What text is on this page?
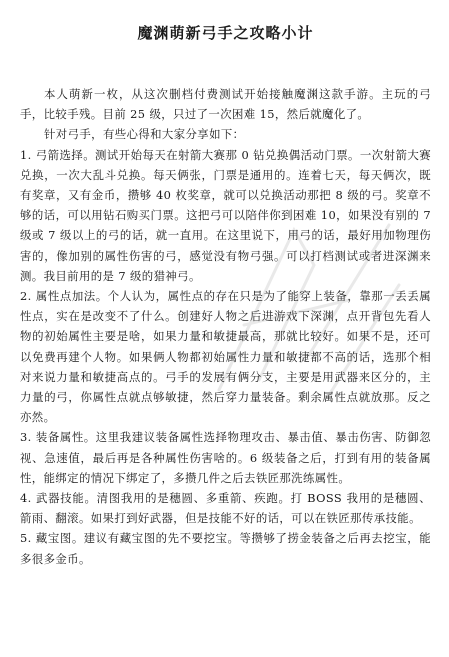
魔渊萌新弓手之攻略小计

本人萌新一枚，从这次删档付费测试开始接触魔渊这款手游。主玩的弓手，比较手残。目前 25 级，只过了一次困难 15，然后就魔化了。

针对弓手，有些心得和大家分享如下：

1. 弓箭选择。测试开始每天在射箭大赛那 0 钻兑换偶活动门票。一次射箭大赛兑换，一次大乱斗兑换。每天俩张，门票是通用的。连着七天，每天俩次，既有奖章，又有金币，攒够 40 枚奖章，就可以兑换活动那把 8 级的弓。奖章不够的话，可以用钻石购买门票。这把弓可以陪伴你到困难 10，如果没有别的 7 级或 7 级以上的弓的话，就一直用。在这里说下，用弓的话，最好用加物理伤害的，像加别的属性伤害的弓，感觉没有物弓强。可以打档测试或者进深渊来测。我目前用的是 7 级的猎神弓。

2. 属性点加法。个人认为，属性点的存在只是为了能穿上装备，靠那一丢丢属性点，实在是改变不了什么。创建好人物之后进游戏下深渊，点开背包先看人物的初始属性主要是啥，如果力量和敏捷最高，那就比较好。如果不是，还可以免费再建个人物。如果俩人物都初始属性力量和敏捷都不高的话，选那个相对来说力量和敏捷高点的。弓手的发展有俩分支，主要是用武器来区分的，主力量的弓，你属性点就点够敏捷，然后穿力量装备。剩余属性点就放那。反之亦然。

3. 装备属性。这里我建议装备属性选择物理攻击、暴击值、暴击伤害、防御忽视、急速值，最后再是各种属性伤害啥的。6 级装备之后，打到有用的装备属性，能绑定的情况下绑定了，多攒几件之后去铁匠那洗练属性。

4. 武器技能。清图我用的是穗圆、多重箭、疾跑。打 BOSS 我用的是穗圆、箭雨、翻滚。如果打到好武器，但是技能不好的话，可以在铁匠那传承技能。

5. 藏宝图。建议有藏宝图的先不要挖宝。等攒够了捞金装备之后再去挖宝，能多很多金币。
